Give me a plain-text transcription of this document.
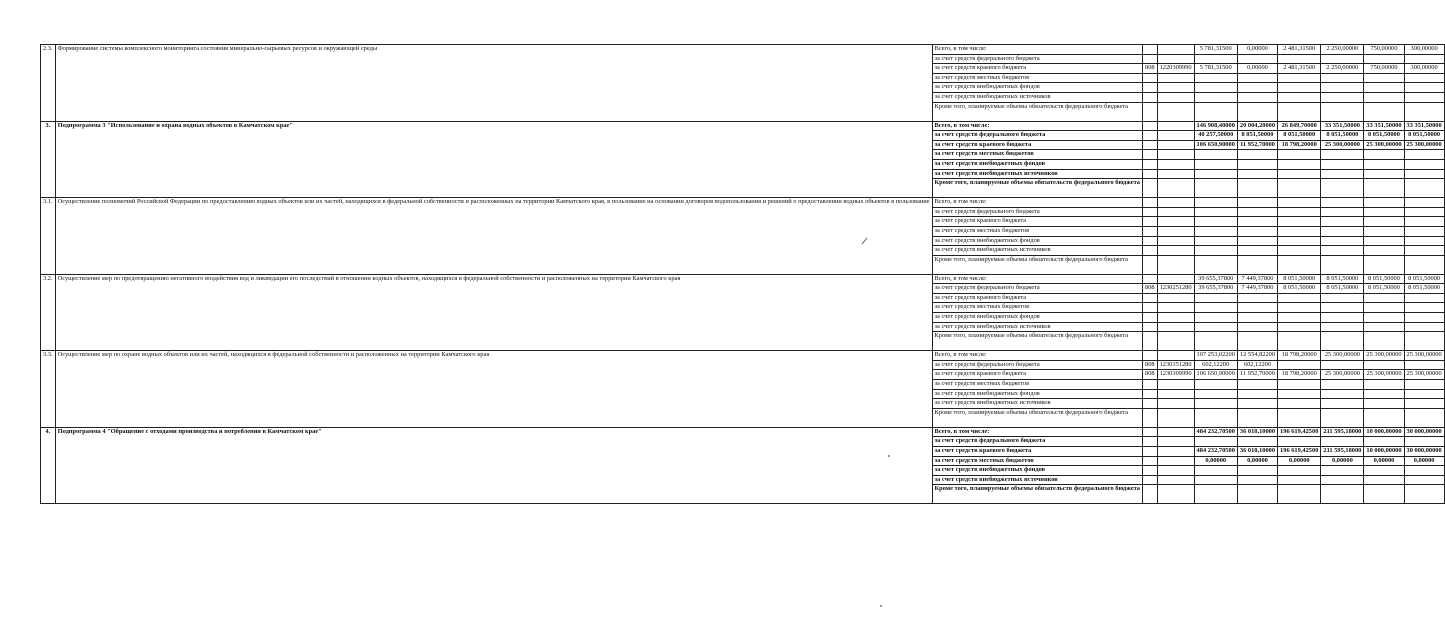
2.3.	Формирование системы комплексного мониторинга состояния минерально-сырьевых ресурсов и окружающей среды	Всего, в том числе:			5 781,31500	0,00000	2 481,31500	2 250,00000	750,00000	300,00000
		за счет средств федерального бюджета								
		за счет средств краевого бюджета	808	1220309990	5 781,31500	0,00000	2 481,31500	2 250,00000	750,00000	300,00000
		за счет средств местных бюджетов								
		за счет средств внебюджетных фондов								
		за счет средств внебюджетных источников								
		Кроме того, планируемые объемы обязательств федерального бюджета								
3.	Подпрограмма 3 "Использование и охрана водных объектов в Камчатском крае"	Всего, в том числе:			146 908,40000	20 004,20000	26 849,70000	33 351,50000	33 351,50000	33 351,50000
		за счет средств федерального бюджета			40 257,50000	8 051,50000	8 051,50000	8 051,50000	8 051,50000	8 051,50000
		за счет средств краевого бюджета			106 650,90000	11 952,70000	18 798,20000	25 300,00000	25 300,00000	25 300,00000
		за счет средств местных бюджетов								
		за счет средств внебюджетных фондов								
		за счет средств внебюджетных источников								
		Кроме того, планируемые объемы обязательств федерального бюджета								
3.1.	Осуществление полномочий Российской Федерации по предоставлению водных объектов или их частей, находящихся в федеральной собственности и расположенных на территории Камчатского края, в пользование на основании договоров водопользования и решений о предоставлении водных объектов в пользование	Всего, в том числе:								
		за счет средств федерального бюджета								
		за счет средств краевого бюджета								
		за счет средств местных бюджетов								
		за счет средств внебюджетных фондов								
		за счет средств внебюджетных источников								
		Кроме того, планируемые объемы обязательств федерального бюджета								
3.2.	Осуществление мер по предотвращению негативного воздействия вод и ликвидации его последствий в отношении водных объектов, находящихся в федеральной собственности и расположенных на территории Камчатского края	Всего, в том числе:			39 655,37800	7 449,37800	8 051,50000	8 051,50000	8 051,50000	8 051,50000
		за счет средств федерального бюджета	808	1230251280	39 655,37800	7 449,37800	8 051,50000	8 051,50000	8 051,50000	8 051,50000
		за счет средств краевого бюджета								
		за счет средств местных бюджетов								
		за счет средств внебюджетных фондов								
		за счет средств внебюджетных источников								
		Кроме того, планируемые объемы обязательств федерального бюджета								
3.3.	Осуществление мер по охране водных объектов или их частей, находящихся в федеральной собственности и расположенных на территории Камчатского края	Всего, в том числе:			107 253,02200	12 554,82200	18 798,20000	25 300,00000	25 300,00000	25 300,00000
		за счет средств федерального бюджета	808	1230351280	602,12200	602,12200				
		за счет средств краевого бюджета	808	1230309990	106 650,90000	11 952,70000	18 798,20000	25 300,00000	25 300,00000	25 300,00000
		за счет средств местных бюджетов								
		за счет средств внебюджетных фондов								
		за счет средств внебюджетных источников								
		Кроме того, планируемые объемы обязательств федерального бюджета								
4.	Подпрограмма 4 "Обращение с отходами производства и потребления в Камчатском крае"	Всего, в том числе:			484 232,70500	36 018,10000	196 619,42500	211 595,18000	10 000,00000	30 000,00000
		за счет средств федерального бюджета								
		за счет средств краевого бюджета			484 232,70500	36 018,10000	196 619,42500	211 595,18000	10 000,00000	30 000,00000
		за счет средств местных бюджетов			0,00000	0,00000	0,00000	0,00000	0,00000	0,00000
		за счет средств внебюджетных фондов								
		за счет средств внебюджетных источников								
		Кроме того, планируемые объемы обязательств федерального бюджета								
